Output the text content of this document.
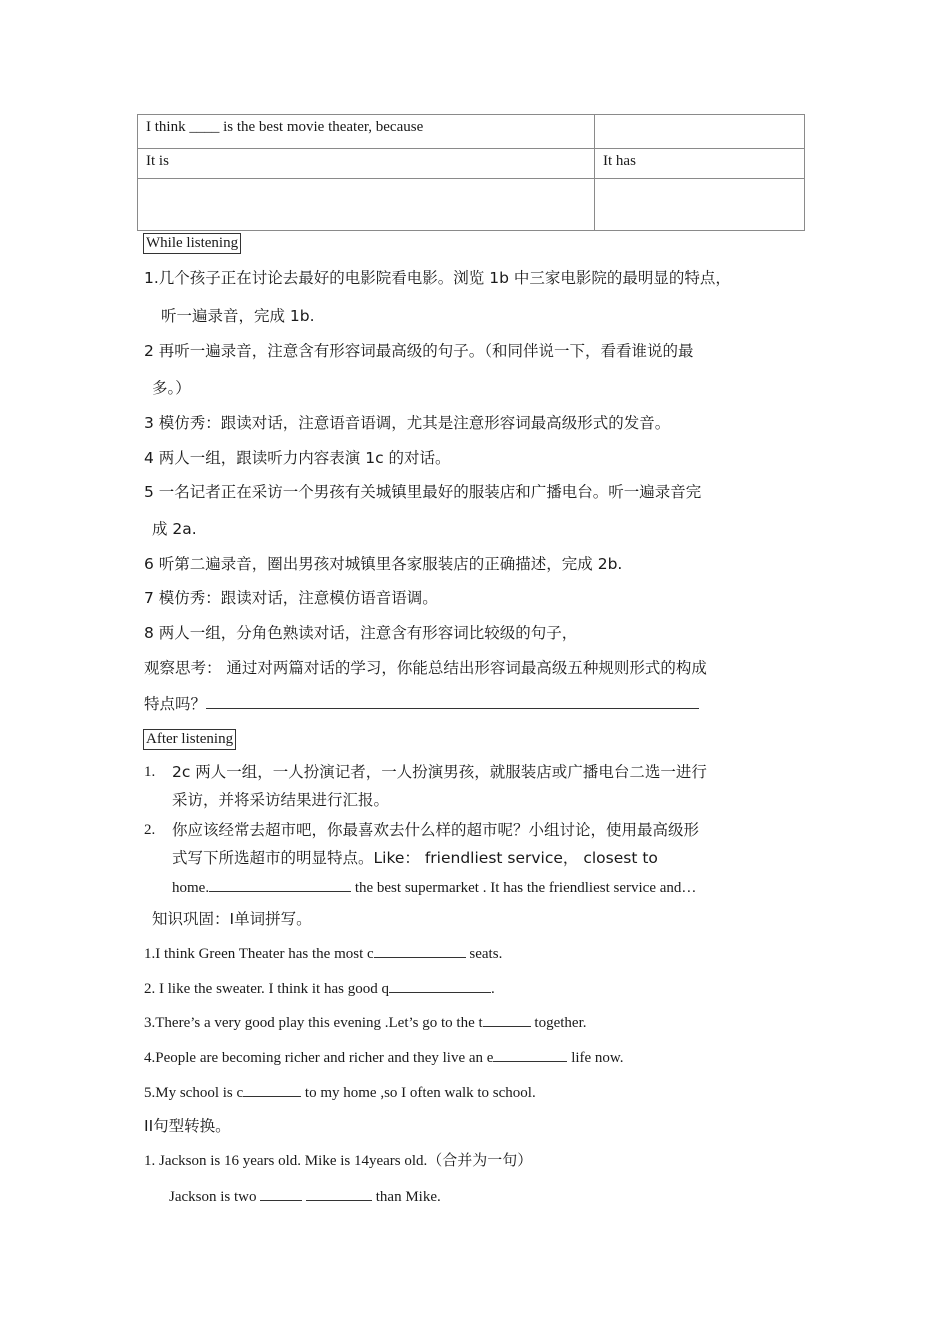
I think ____ is the best movie theater, because	
It is	It has

While listening
1.几个孩子正在讨论去最好的电影院看电影。浏览 1b 中三家电影院的最明显的特点，
听一遍录音，完成 1b.
2 再听一遍录音，注意含有形容词最高级的句子。（和同伴说一下，看看谁说的最
多。）
3 模仿秀：跟读对话，注意语音语调，尤其是注意形容词最高级形式的发音。
4 两人一组，跟读听力内容表演 1c 的对话。
5 一名记者正在采访一个男孩有关城镇里最好的服装店和广播电台。听一遍录音完
成 2a.
6 听第二遍录音，圈出男孩对城镇里各家服装店的正确描述，完成 2b.
7 模仿秀：跟读对话，注意模仿语音语调。
8 两人一组，分角色熟读对话，注意含有形容词比较级的句子，
观察思考： 通过对两篇对话的学习，你能总结出形容词最高级五种规则形式的构成
特点吗？
After listening
1. 2c 两人一组，一人扮演记者，一人扮演男孩，就服装店或广播电台二选一进行
采访，并将采访结果进行汇报。
2. 你应该经常去超市吧，你最喜欢去什么样的超市呢？小组讨论，使用最高级形
式写下所选超市的明显特点。Like： friendliest service， closest to
home.	the best supermarket . It has the friendliest service and…
知识巩固：I单词拼写。
1.I think Green Theater has the most c	seats.
2. I like the sweater. I think it has good q	.
3.There’s a very good play this evening .Let’s go to the t	together.
4.People are becoming richer and richer and they live an e	life now.
5.My school is c	to my home ,so I often walk to school.
II句型转换。
1. Jackson is 16 years old. Mike is 14years old.（合并为一句）
Jackson is two	than Mike.
